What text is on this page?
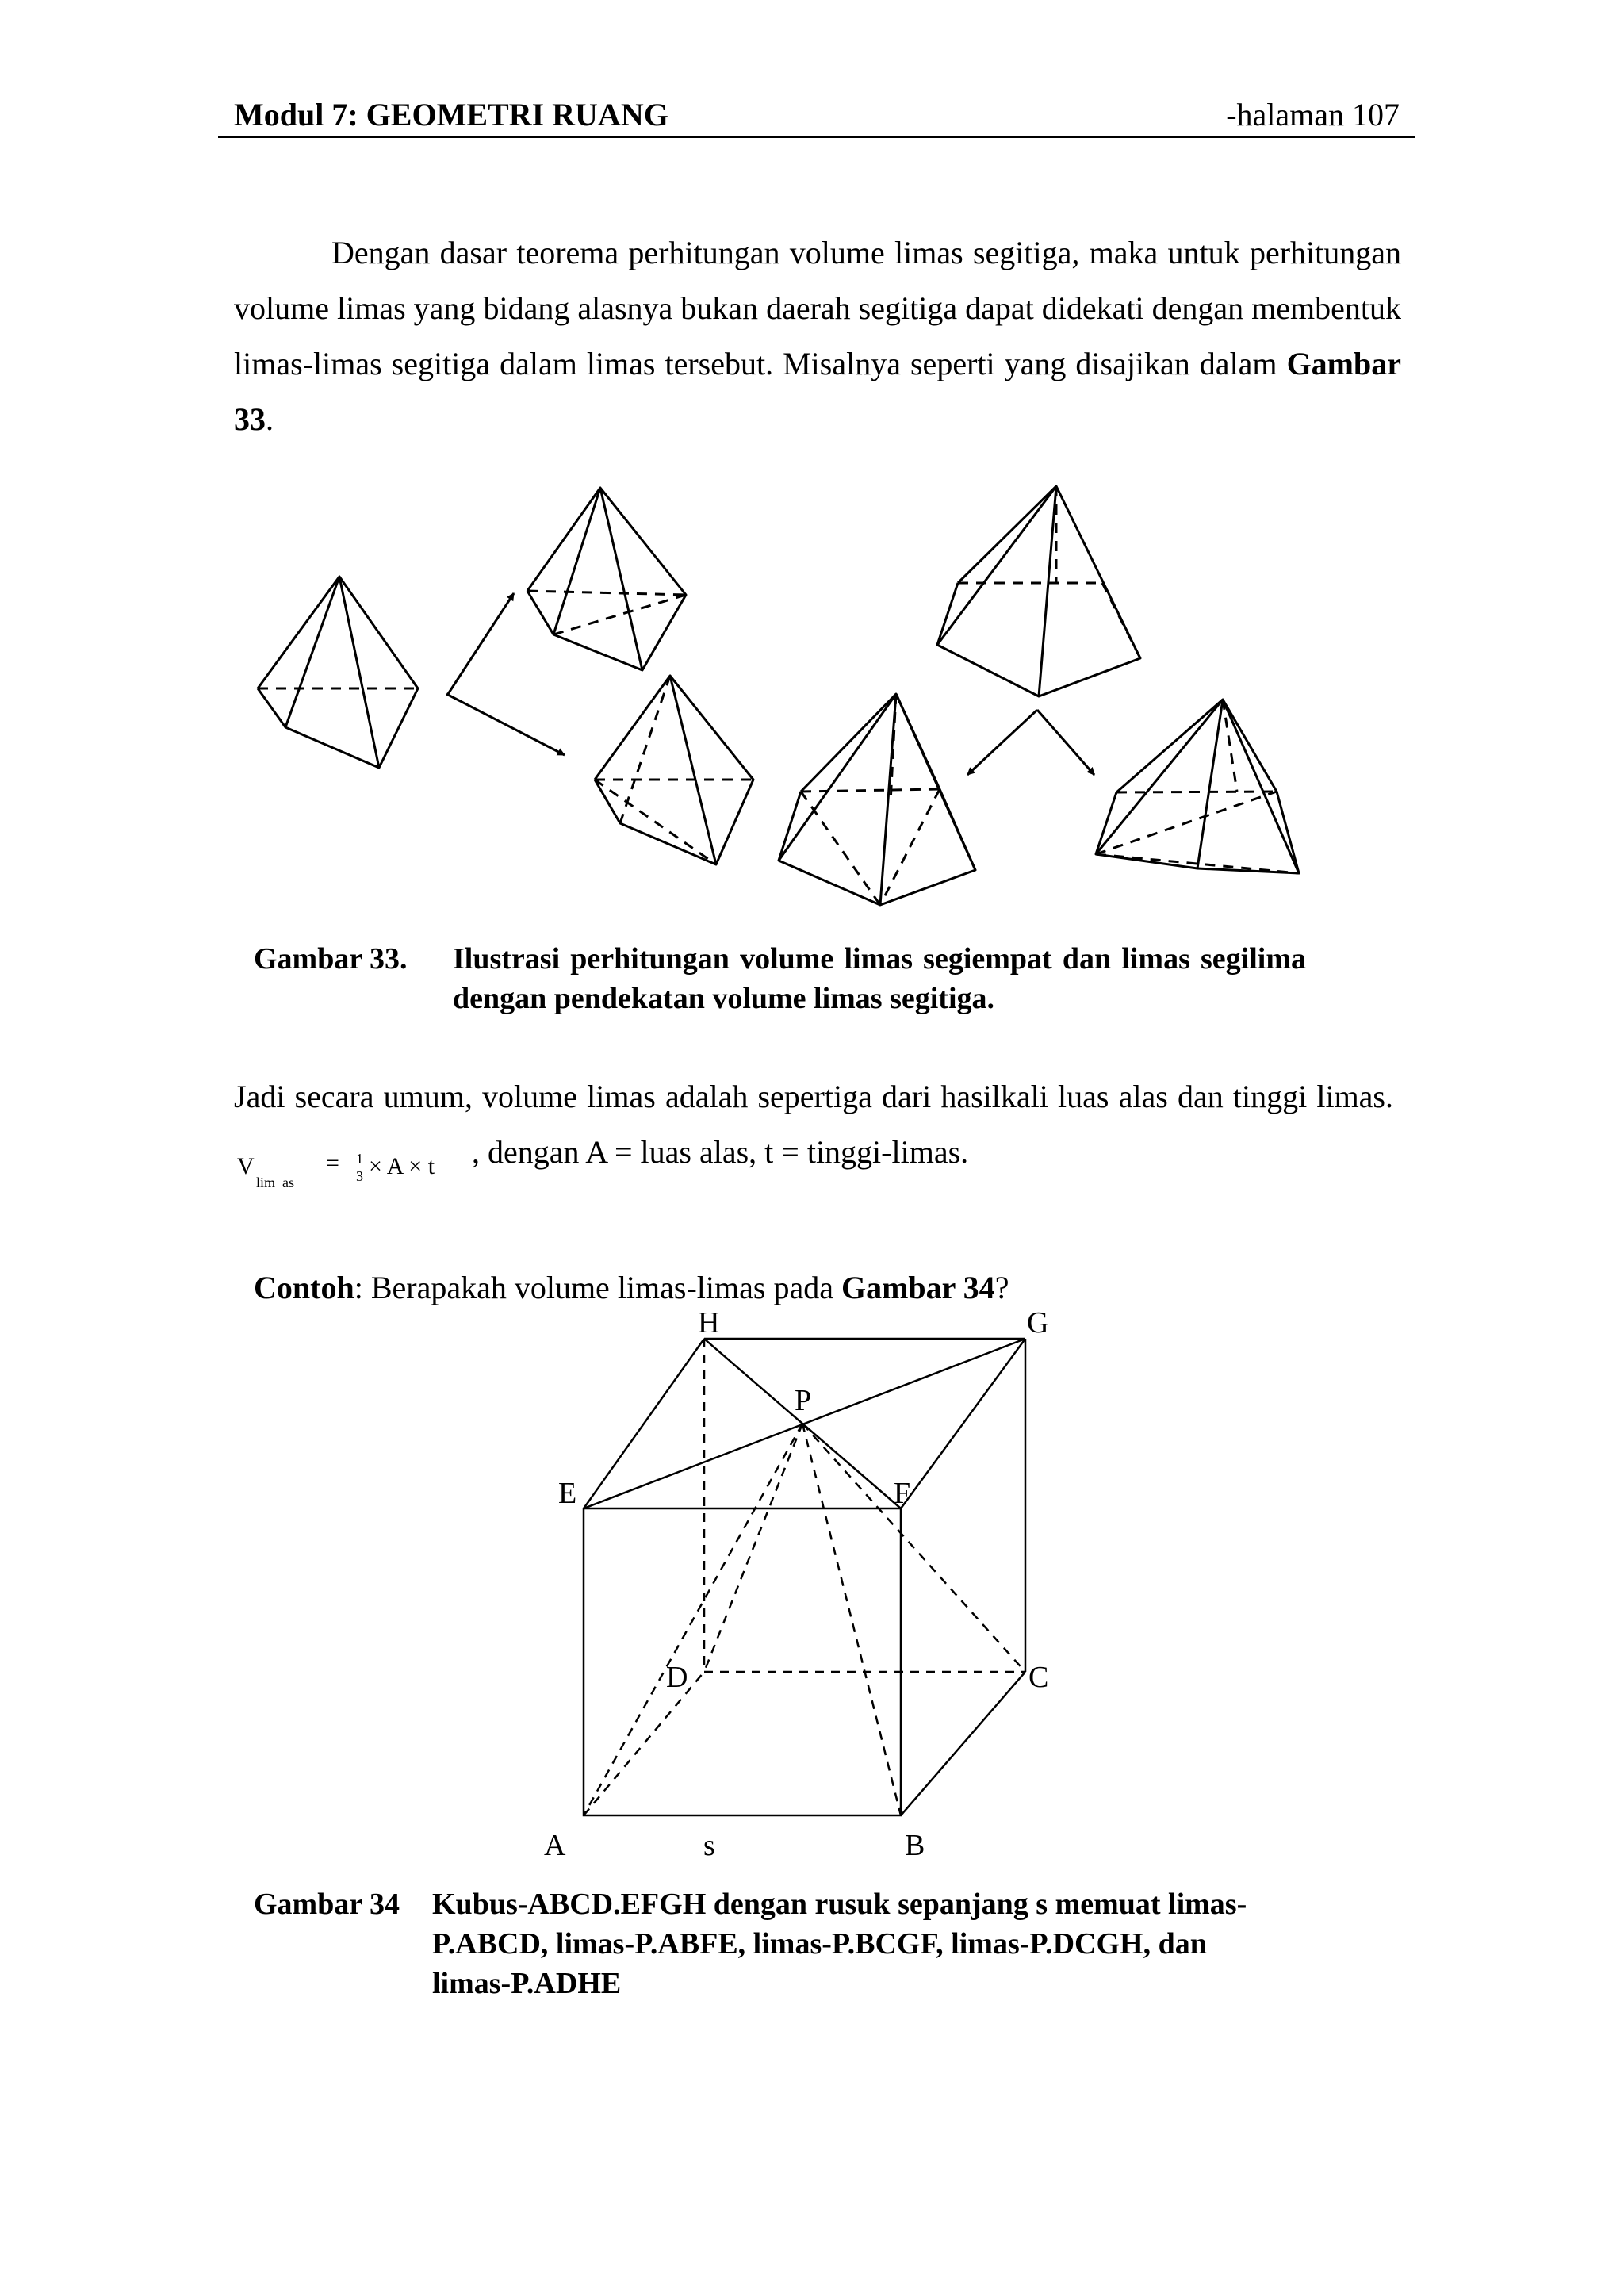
Modul 7: GEOMETRI RUANG	-halaman 107
Dengan dasar teorema perhitungan volume limas segitiga, maka untuk perhitungan volume limas yang bidang alasnya bukan daerah segitiga dapat didekati dengan membentuk limas-limas segitiga dalam limas tersebut. Misalnya seperti yang disajikan dalam Gambar 33.
Gambar 33. Ilustrasi perhitungan volume limas segiempat dan limas segilima dengan pendekatan volume limas segitiga.
Jadi secara umum, volume limas adalah sepertiga dari hasilkali luas alas dan tinggi limas.
V
lim  as
= 1
3 × A × t , dengan A = luas alas, t = tinggi-limas.
Contoh: Berapakah volume limas-limas pada Gambar 34?
H	G
P
E	F
D	C
A	s	B
Gambar 34 Kubus-ABCD.EFGH dengan rusuk sepanjang s memuat limas-
P.ABCD, limas-P.ABFE, limas-P.BCGF, limas-P.DCGH, dan
limas-P.ADHE
